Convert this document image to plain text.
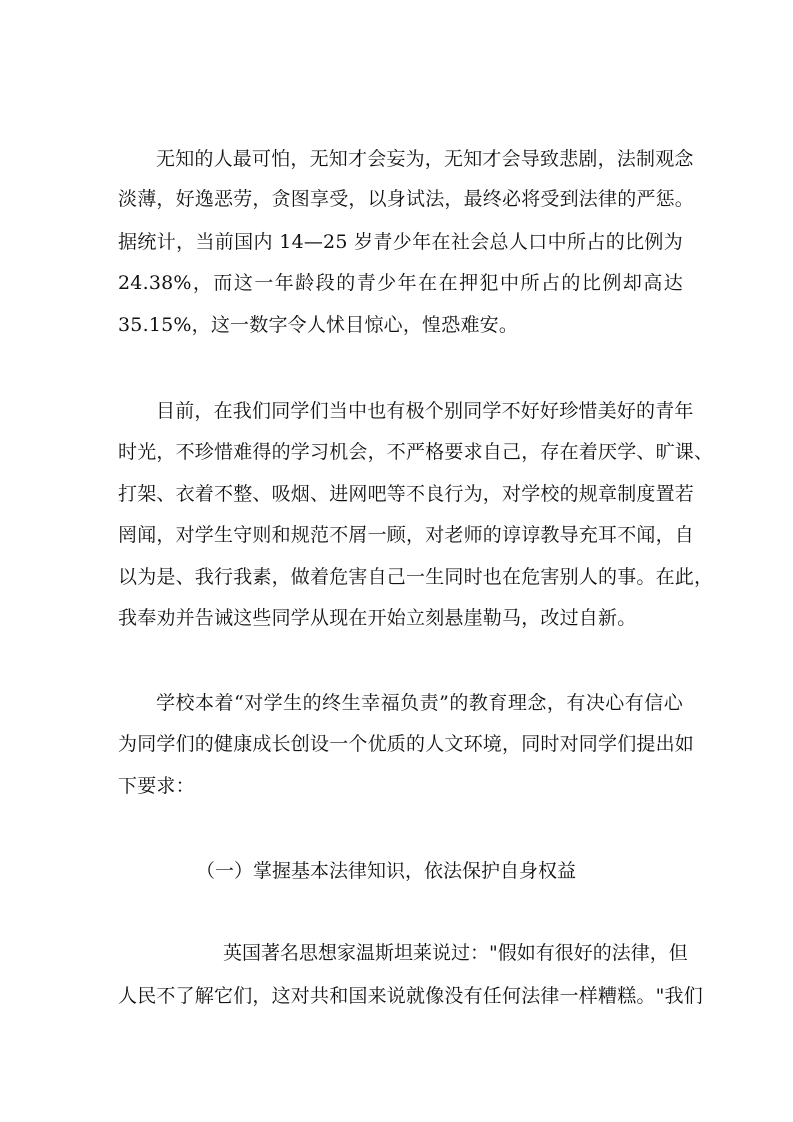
无知的人最可怕，无知才会妄为，无知才会导致悲剧，法制观念
淡薄，好逸恶劳，贪图享受，以身试法，最终必将受到法律的严惩。
据统计，当前国内 14—25 岁青少年在社会总人口中所占的比例为
24.38%，而这一年龄段的青少年在在押犯中所占的比例却高达
35.15%，这一数字令人怵目惊心，惶恐难安。
目前，在我们同学们当中也有极个别同学不好好珍惜美好的青年
时光，不珍惜难得的学习机会，不严格要求自己，存在着厌学、旷课、
打架、衣着不整、吸烟、进网吧等不良行为，对学校的规章制度置若
罔闻，对学生守则和规范不屑一顾，对老师的谆谆教导充耳不闻，自
以为是、我行我素，做着危害自己一生同时也在危害别人的事。在此，
我奉劝并告诫这些同学从现在开始立刻悬崖勒马，改过自新。
学校本着“对学生的终生幸福负责”的教育理念，有决心有信心
为同学们的健康成长创设一个优质的人文环境，同时对同学们提出如
下要求：
（一）掌握基本法律知识，依法保护自身权益
英国著名思想家温斯坦莱说过："假如有很好的法律，但
人民不了解它们，这对共和国来说就像没有任何法律一样糟糕。"我们
